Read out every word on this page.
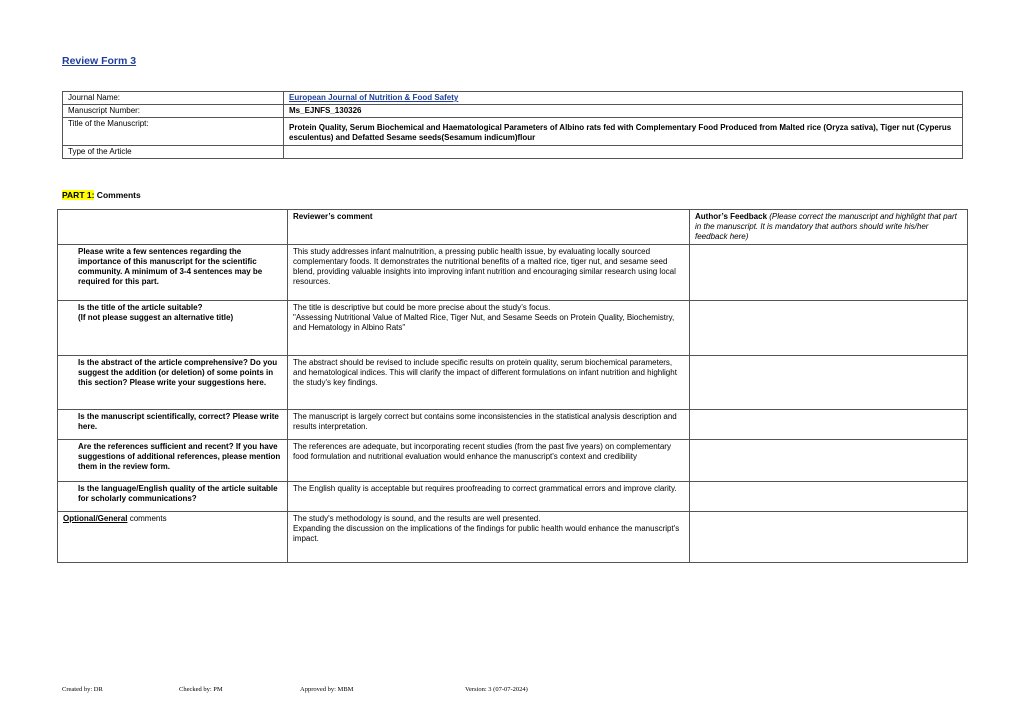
Review Form 3
Journal Name:	European Journal of Nutrition & Food Safety
Manuscript Number:	Ms_EJNFS_130326
Title of the Manuscript:	Protein Quality, Serum Biochemical and Haematological Parameters of Albino rats fed with Complementary Food Produced from Malted rice (Oryza sativa), Tiger nut (Cyperus esculentus) and Defatted Sesame seeds(Sesamum indicum)flour
Type of the Article	
PART 1: Comments
	Reviewer’s comment	Author’s Feedback (Please correct the manuscript and highlight that part in the manuscript. It is mandatory that authors should write his/her feedback here)
Please write a few sentences regarding the importance of this manuscript for the scientific community. A minimum of 3-4 sentences may be required for this part.	This study addresses infant malnutrition, a pressing public health issue, by evaluating locally sourced complementary foods. It demonstrates the nutritional benefits of a malted rice, tiger nut, and sesame seed blend, providing valuable insights into improving infant nutrition and encouraging similar research using local resources.	
Is the title of the article suitable?
(If not please suggest an alternative title)	The title is descriptive but could be more precise about the study’s focus.
"Assessing Nutritional Value of Malted Rice, Tiger Nut, and Sesame Seeds on Protein Quality, Biochemistry, and Hematology in Albino Rats"	
Is the abstract of the article comprehensive? Do you suggest the addition (or deletion) of some points in this section? Please write your suggestions here.	The abstract should be revised to include specific results on protein quality, serum biochemical parameters, and hematological indices. This will clarify the impact of different formulations on infant nutrition and highlight the study's key findings.	
Is the manuscript scientifically, correct? Please write here.	The manuscript is largely correct but contains some inconsistencies in the statistical analysis description and results interpretation.	
Are the references sufficient and recent? If you have suggestions of additional references, please mention them in the review form.	The references are adequate, but incorporating recent studies (from the past five years) on complementary food formulation and nutritional evaluation would enhance the manuscript's context and credibility	
Is the language/English quality of the article suitable for scholarly communications?	The English quality is acceptable but requires proofreading to correct grammatical errors and improve clarity.	
Optional/General comments	The study's methodology is sound, and the results are well presented.
Expanding the discussion on the implications of the findings for public health would enhance the manuscript's impact.	
Created by: DR	Checked by: PM	Approved by: MBM	Version: 3 (07-07-2024)
